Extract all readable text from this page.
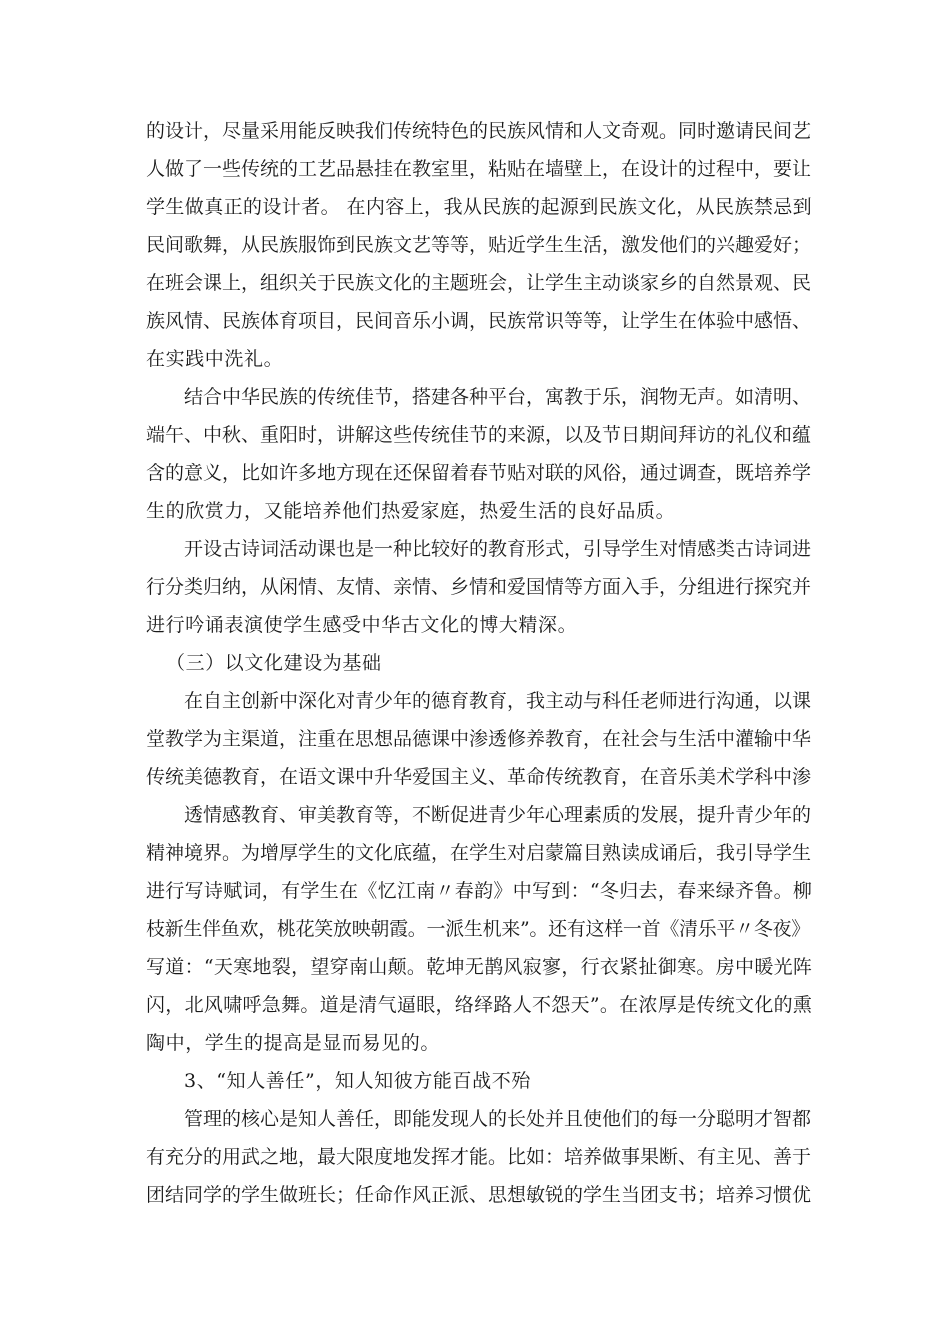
的设计，尽量采用能反映我们传统特色的民族风情和人文奇观。同时邀请民间艺
人做了一些传统的工艺品悬挂在教室里，粘贴在墙壁上，在设计的过程中，要让
学生做真正的设计者。 在内容上，我从民族的起源到民族文化，从民族禁忌到
民间歌舞，从民族服饰到民族文艺等等，贴近学生生活，激发他们的兴趣爱好；
在班会课上，组织关于民族文化的主题班会，让学生主动谈家乡的自然景观、民
族风情、民族体育项目，民间音乐小调，民族常识等等，让学生在体验中感悟、
在实践中洗礼。
结合中华民族的传统佳节，搭建各种平台，寓教于乐，润物无声。如清明、
端午、中秋、重阳时，讲解这些传统佳节的来源，以及节日期间拜访的礼仪和蕴
含的意义，比如许多地方现在还保留着春节贴对联的风俗，通过调查，既培养学
生的欣赏力，又能培养他们热爱家庭，热爱生活的良好品质。
开设古诗词活动课也是一种比较好的教育形式，引导学生对情感类古诗词进
行分类归纳，从闲情、友情、亲情、乡情和爱国情等方面入手，分组进行探究并
进行吟诵表演使学生感受中华古文化的博大精深。
（三）以文化建设为基础
在自主创新中深化对青少年的德育教育，我主动与科任老师进行沟通，以课
堂教学为主渠道，注重在思想品德课中渗透修养教育，在社会与生活中灌输中华
传统美德教育，在语文课中升华爱国主义、革命传统教育，在音乐美术学科中渗
透情感教育、审美教育等，不断促进青少年心理素质的发展，提升青少年的
精神境界。为增厚学生的文化底蕴，在学生对启蒙篇目熟读成诵后，我引导学生
进行写诗赋词，有学生在《忆江南〃春韵》中写到：“冬归去，春来绿齐鲁。柳
枝新生伴鱼欢，桃花笑放映朝霞。一派生机来”。还有这样一首《清乐平〃冬夜》
写道：“天寒地裂，望穿南山颠。乾坤无鹊风寂寥，行衣紧扯御寒。房中暖光阵
闪，北风啸呼急舞。道是清气逼眼，络绎路人不怨天”。在浓厚是传统文化的熏
陶中，学生的提高是显而易见的。
3、“知人善任”，知人知彼方能百战不殆
管理的核心是知人善任，即能发现人的长处并且使他们的每一分聪明才智都
有充分的用武之地，最大限度地发挥才能。比如：培养做事果断、有主见、善于
团结同学的学生做班长；任命作风正派、思想敏锐的学生当团支书；培养习惯优
